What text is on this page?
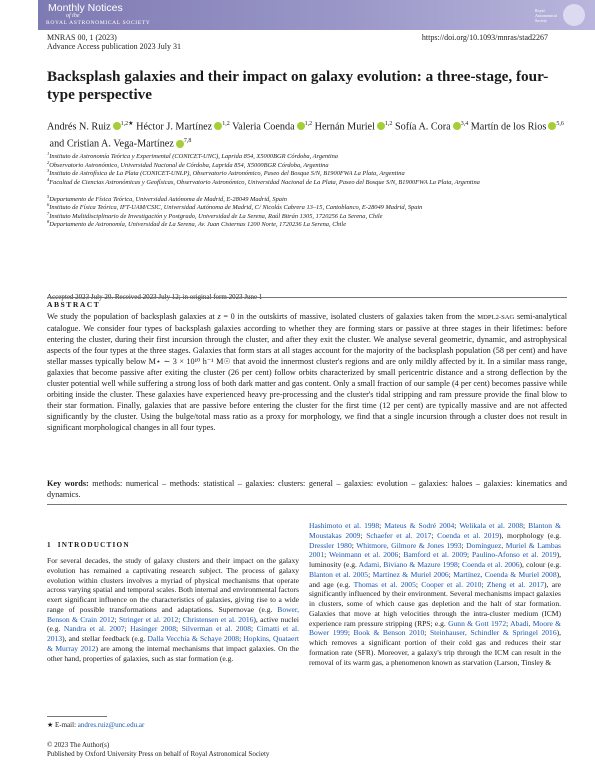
Monthly Notices
of the
ROYAL ASTRONOMICAL SOCIETY
Royal Astronomical Society
MNRAS 00, 1 (2023)	https://doi.org/10.1093/mnras/stad2267
Advance Access publication 2023 July 31
Backsplash galaxies and their impact on galaxy evolution: a three-stage, four-type perspective
Andrés N. Ruiz $^{1,2★}$ Héctor J. Martínez $^{1,2}$ Valeria Coenda $^{1,2}$ Hernán Muriel $^{1,2}$ Sofía A. Cora $^{3,4}$ Martín de los Rios $^{5,6}$ and Cristian A. Vega-Martínez $^{7,8}$
$^1$Instituto de Astronomía Teórica y Experimental (CONICET-UNC), Laprida 854, X5000BGR Córdoba, Argentina
$^2$Observatorio Astronómico, Universidad Nacional de Córdoba, Laprida 854, X5000BGR Córdoba, Argentina
$^3$Instituto de Astrofísica de La Plata (CONICET-UNLP), Observatorio Astronómico, Paseo del Bosque S/N, B1900FWA La Plata, Argentina
$^4$Facultad de Ciencias Astronómicas y Geofísicas, Observatorio Astronómico, Universidad Nacional de La Plata, Paseo del Bosque S/N, B1900FWA La Plata, Argentina
$^5$Departamento de Física Teórica, Universidad Autónoma de Madrid, E-28049 Madrid, Spain
$^6$Instituto de Física Teórica, IFT-UAM/CSIC, Universidad Autónoma de Madrid, C/ Nicolás Cabrera 13–15, Cantoblanco, E-28049 Madrid, Spain
$^7$Instituto Multidisciplinario de Investigación y Postgrado, Universidad de La Serena, Raúl Bitrán 1305, 1720256 La Serena, Chile
$^8$Departamento de Astronomía, Universidad de La Serena, Av. Juan Cisternas 1200 Norte, 1720236 La Serena, Chile
Accepted 2023 July 20. Received 2023 July 12; in original form 2023 June 1
ABSTRACT
We study the population of backsplash galaxies at z = 0 in the outskirts of massive, isolated clusters of galaxies taken from the MDPL2-SAG semi-analytical catalogue. We consider four types of backsplash galaxies according to whether they are forming stars or passive at three stages in their lifetimes: before entering the cluster, during their first incursion through the cluster, and after they exit the cluster. We analyse several geometric, dynamic, and astrophysical aspects of the four types at the three stages. Galaxies that form stars at all stages account for the majority of the backsplash population (58 per cent) and have stellar masses typically below M⋆ ∼ 3 × 10¹⁰ h⁻¹ M☉ that avoid the innermost cluster's regions and are only mildly affected by it. In a similar mass range, galaxies that become passive after exiting the cluster (26 per cent) follow orbits characterized by small pericentric distance and a strong deflection by the cluster potential well while suffering a strong loss of both dark matter and gas content. Only a small fraction of our sample (4 per cent) becomes passive while orbiting inside the cluster. These galaxies have experienced heavy pre-processing and the cluster's tidal stripping and ram pressure provide the final blow to their star formation. Finally, galaxies that are passive before entering the cluster for the first time (12 per cent) are typically massive and are not affected significantly by the cluster. Using the bulge/total mass ratio as a proxy for morphology, we find that a single incursion through a cluster does not result in significant morphological changes in all four types.
Key words: methods: numerical – methods: statistical – galaxies: clusters: general – galaxies: evolution – galaxies: haloes – galaxies: kinematics and dynamics.
1 INTRODUCTION
For several decades, the study of galaxy clusters and their impact on the galaxy evolution has remained a captivating research subject. The process of galaxy evolution within clusters involves a myriad of physical mechanisms that operate across varying spatial and temporal scales. Both internal and environmental factors exert significant influence on the characteristics of galaxies, giving rise to a wide range of possible transformations and adaptations. Supernovae (e.g. Bower, Benson & Crain 2012; Stringer et al. 2012; Christensen et al. 2016), active nuclei (e.g. Nandra et al. 2007; Hasinger 2008; Silverman et al. 2008; Cimatti et al. 2013), and stellar feedback (e.g. Dalla Vecchia & Schaye 2008; Hopkins, Quataert & Murray 2012) are among the internal mechanisms that impact galaxies. On the other hand, properties of galaxies, such as star formation (e.g.
Hashimoto et al. 1998; Mateus & Sodré 2004; Welikala et al. 2008; Blanton & Moustakas 2009; Schaefer et al. 2017; Coenda et al. 2019), morphology (e.g. Dressler 1980; Whitmore, Gilmore & Jones 1993; Domínguez, Muriel & Lambas 2001; Weinmann et al. 2006; Bamford et al. 2009; Paulino-Afonso et al. 2019), luminosity (e.g. Adami, Biviano & Mazure 1998; Coenda et al. 2006), colour (e.g. Blanton et al. 2005; Martínez & Muriel 2006; Martínez, Coenda & Muriel 2008), and age (e.g. Thomas et al. 2005; Cooper et al. 2010; Zheng et al. 2017), are significantly influenced by their environment. Several mechanisms impact galaxies in clusters, some of which cause gas depletion and the halt of star formation. Galaxies that move at high velocities through the intra-cluster medium (ICM) experience ram pressure stripping (RPS; e.g. Gunn & Gott 1972; Abadi, Moore & Bower 1999; Book & Benson 2010; Steinhauser, Schindler & Springel 2016), which removes a significant portion of their cold gas and reduces their star formation rate (SFR). Moreover, a galaxy's trip through the ICM can result in the removal of its warm gas, a phenomenon known as starvation (Larson, Tinsley &
★ E-mail: andres.ruiz@unc.edu.ar
© 2023 The Author(s)
Published by Oxford University Press on behalf of Royal Astronomical Society
